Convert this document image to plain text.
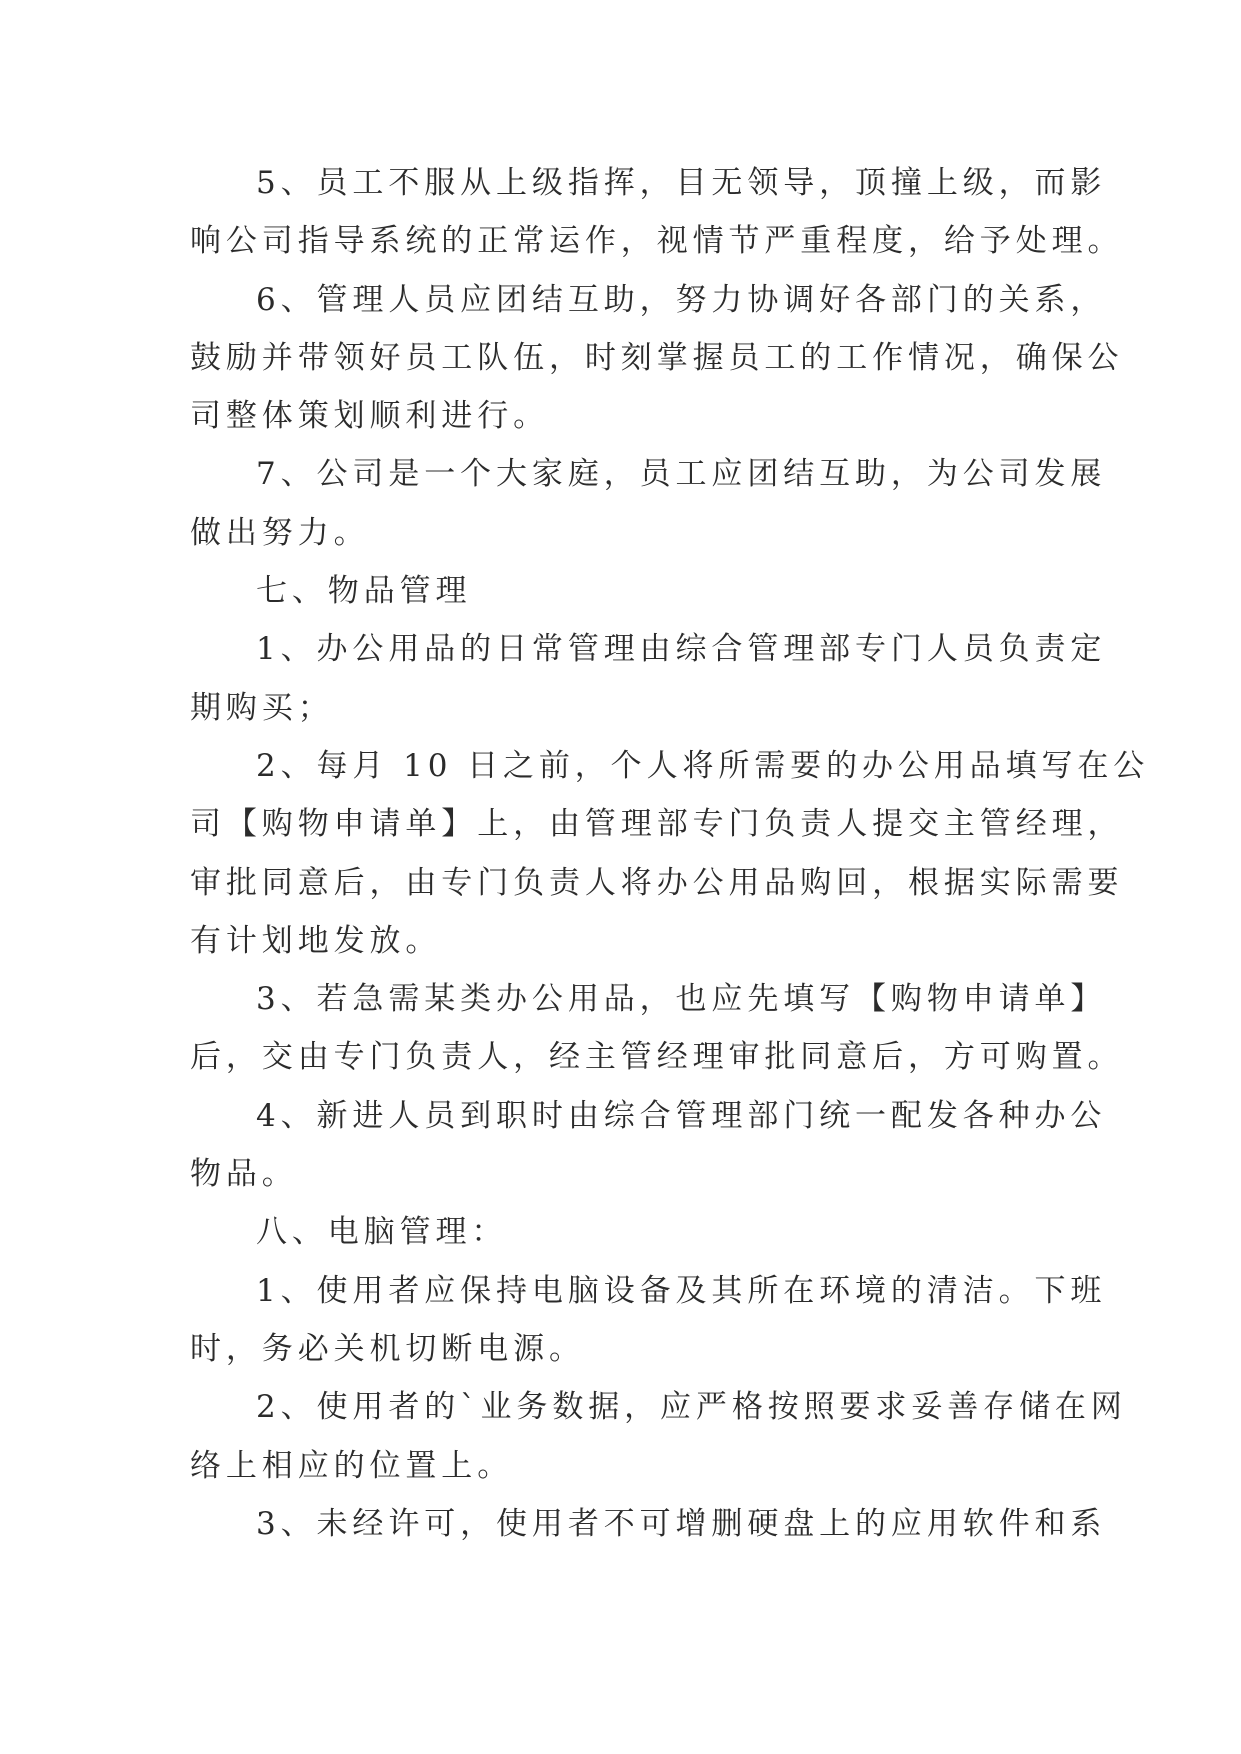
5、员工不服从上级指挥，目无领导，顶撞上级，而影
响公司指导系统的正常运作，视情节严重程度，给予处理。
6、管理人员应团结互助，努力协调好各部门的关系，
鼓励并带领好员工队伍，时刻掌握员工的工作情况，确保公
司整体策划顺利进行。
7、公司是一个大家庭，员工应团结互助，为公司发展
做出努力。
七、物品管理
1、办公用品的日常管理由综合管理部专门人员负责定
期购买；
2、每月 10 日之前，个人将所需要的办公用品填写在公
司【购物申请单】上，由管理部专门负责人提交主管经理，
审批同意后，由专门负责人将办公用品购回，根据实际需要
有计划地发放。
3、若急需某类办公用品，也应先填写【购物申请单】
后，交由专门负责人，经主管经理审批同意后，方可购置。
4、新进人员到职时由综合管理部门统一配发各种办公
物品。
八、电脑管理：
1、使用者应保持电脑设备及其所在环境的清洁。下班
时，务必关机切断电源。
2、使用者的`业务数据，应严格按照要求妥善存储在网
络上相应的位置上。
3、未经许可，使用者不可增删硬盘上的应用软件和系
